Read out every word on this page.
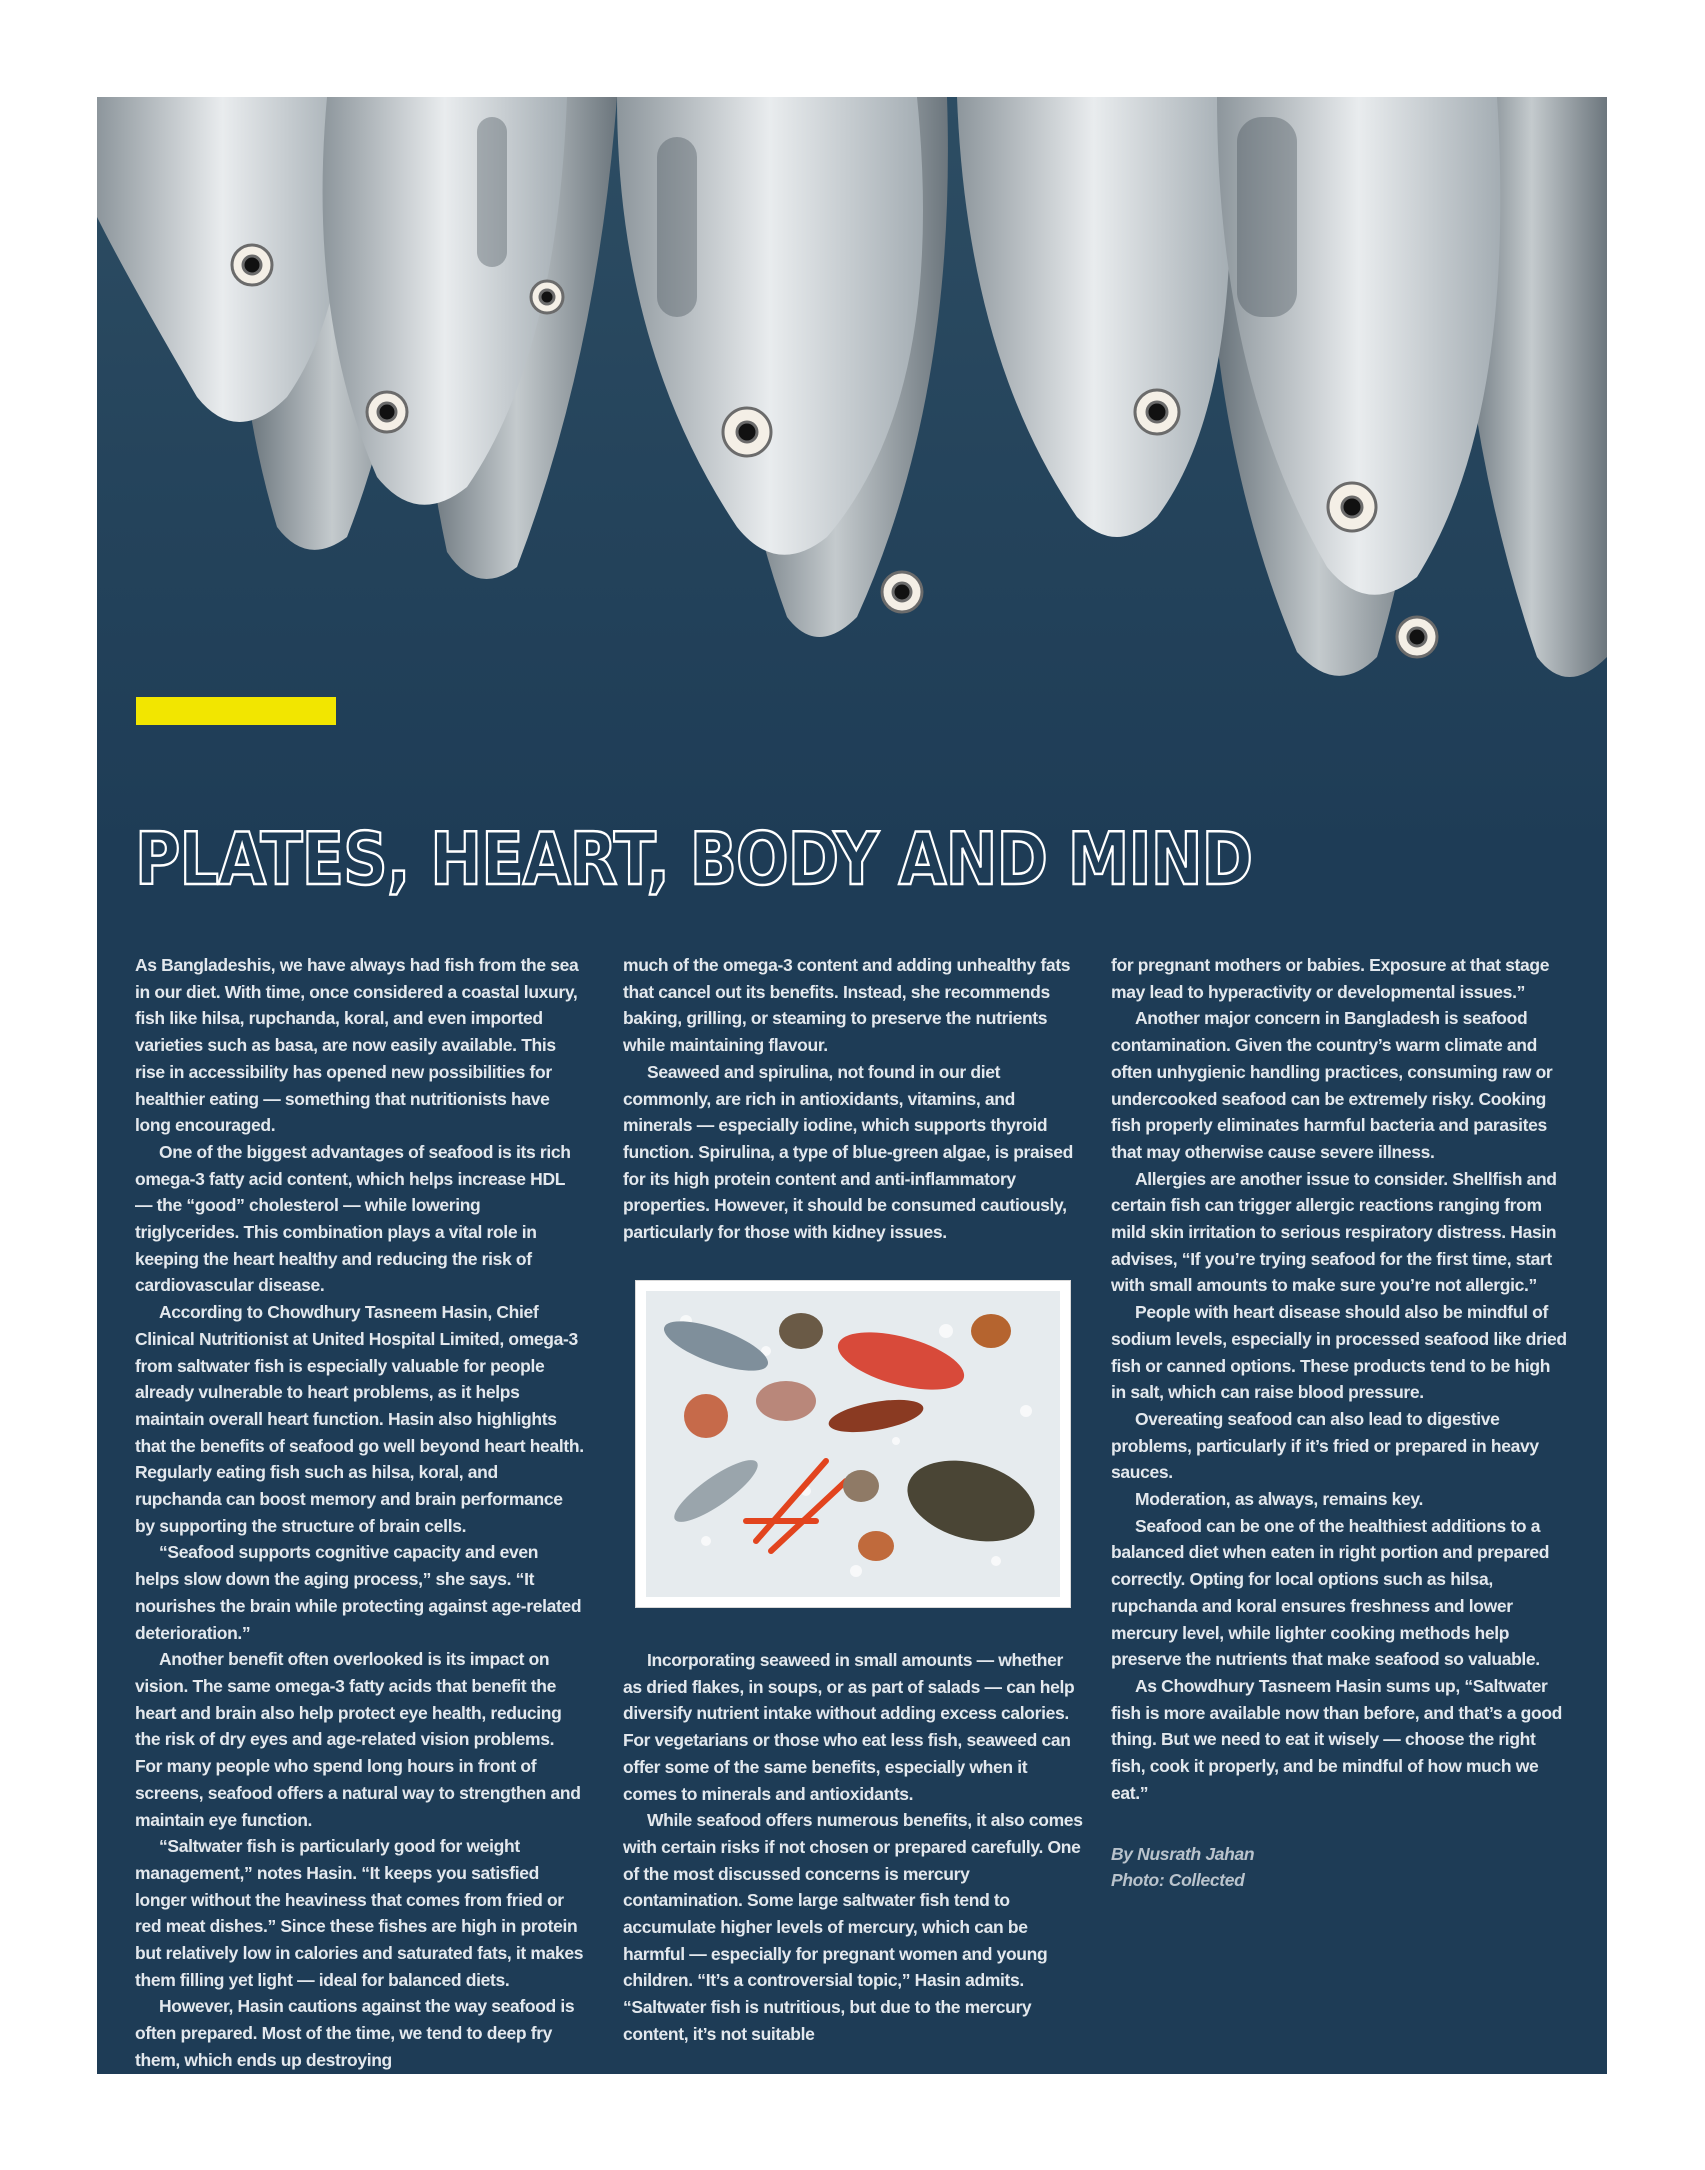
PLATES, HEART, BODY AND MIND

As Bangladeshis, we have always had fish from the sea in our diet. With time, once considered a coastal luxury, fish like hilsa, rupchanda, koral, and even imported varieties such as basa, are now easily available. This rise in accessibility has opened new possibilities for healthier eating — something that nutritionists have long encouraged.

One of the biggest advantages of seafood is its rich omega-3 fatty acid content, which helps increase HDL — the “good” cholesterol — while lowering triglycerides. This combination plays a vital role in keeping the heart healthy and reducing the risk of cardiovascular disease.

According to Chowdhury Tasneem Hasin, Chief Clinical Nutritionist at United Hospital Limited, omega-3 from saltwater fish is especially valuable for people already vulnerable to heart problems, as it helps maintain overall heart function. Hasin also highlights that the benefits of seafood go well beyond heart health. Regularly eating fish such as hilsa, koral, and rupchanda can boost memory and brain performance by supporting the structure of brain cells.

“Seafood supports cognitive capacity and even helps slow down the aging process,” she says. “It nourishes the brain while protecting against age-related deterioration.”

Another benefit often overlooked is its impact on vision. The same omega-3 fatty acids that benefit the heart and brain also help protect eye health, reducing the risk of dry eyes and age-related vision problems. For many people who spend long hours in front of screens, seafood offers a natural way to strengthen and maintain eye function.

“Saltwater fish is particularly good for weight management,” notes Hasin. “It keeps you satisfied longer without the heaviness that comes from fried or red meat dishes.” Since these fishes are high in protein but relatively low in calories and saturated fats, it makes them filling yet light — ideal for balanced diets.

However, Hasin cautions against the way seafood is often prepared. Most of the time, we tend to deep fry them, which ends up destroying

much of the omega-3 content and adding unhealthy fats that cancel out its benefits. Instead, she recommends baking, grilling, or steaming to preserve the nutrients while maintaining flavour.

Seaweed and spirulina, not found in our diet commonly, are rich in antioxidants, vitamins, and minerals — especially iodine, which supports thyroid function. Spirulina, a type of blue-green algae, is praised for its high protein content and anti-inflammatory properties. However, it should be consumed cautiously, particularly for those with kidney issues.

Incorporating seaweed in small amounts — whether as dried flakes, in soups, or as part of salads — can help diversify nutrient intake without adding excess calories. For vegetarians or those who eat less fish, seaweed can offer some of the same benefits, especially when it comes to minerals and antioxidants.

While seafood offers numerous benefits, it also comes with certain risks if not chosen or prepared carefully. One of the most discussed concerns is mercury contamination. Some large saltwater fish tend to accumulate higher levels of mercury, which can be harmful — especially for pregnant women and young children. “It’s a controversial topic,” Hasin admits. “Saltwater fish is nutritious, but due to the mercury content, it’s not suitable

for pregnant mothers or babies. Exposure at that stage may lead to hyperactivity or developmental issues.”

Another major concern in Bangladesh is seafood contamination. Given the country’s warm climate and often unhygienic handling practices, consuming raw or undercooked seafood can be extremely risky. Cooking fish properly eliminates harmful bacteria and parasites that may otherwise cause severe illness.

Allergies are another issue to consider. Shellfish and certain fish can trigger allergic reactions ranging from mild skin irritation to serious respiratory distress. Hasin advises, “If you’re trying seafood for the first time, start with small amounts to make sure you’re not allergic.”

People with heart disease should also be mindful of sodium levels, especially in processed seafood like dried fish or canned options. These products tend to be high in salt, which can raise blood pressure.

Overeating seafood can also lead to digestive problems, particularly if it’s fried or prepared in heavy sauces.

Moderation, as always, remains key.

Seafood can be one of the healthiest additions to a balanced diet when eaten in right portion and prepared correctly. Opting for local options such as hilsa, rupchanda and koral ensures freshness and lower mercury level, while lighter cooking methods help preserve the nutrients that make seafood so valuable.

As Chowdhury Tasneem Hasin sums up, “Saltwater fish is more available now than before, and that’s a good thing. But we need to eat it wisely — choose the right fish, cook it properly, and be mindful of how much we eat.”

By Nusrath Jahan

Photo: Collected
